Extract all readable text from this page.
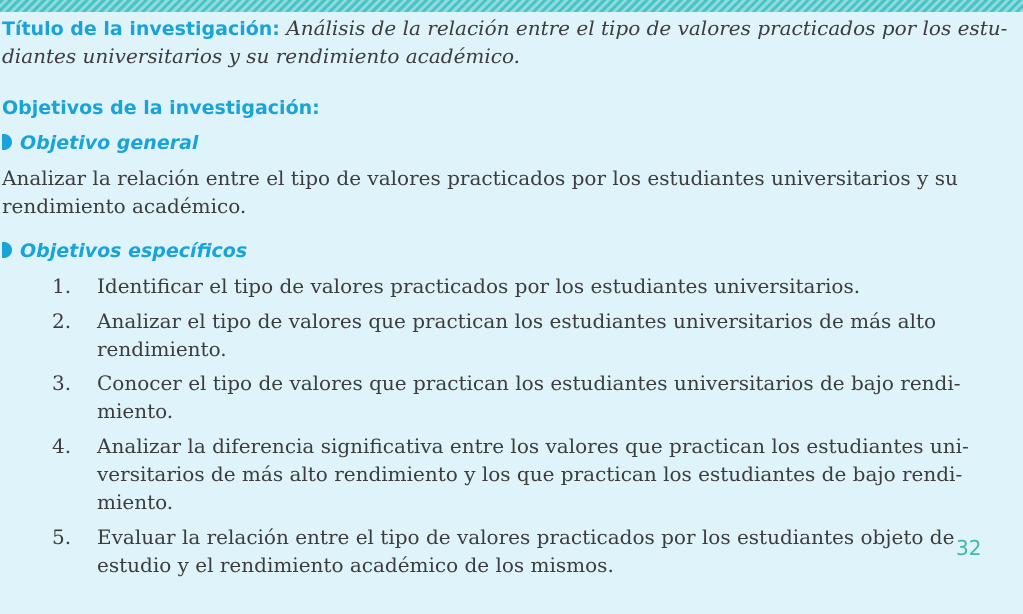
Título de la investigación: Análisis de la relación entre el tipo de valores practicados por los estu-
diantes universitarios y su rendimiento académico.
Objetivos de la investigación:
Objetivo general
Analizar la relación entre el tipo de valores practicados por los estudiantes universitarios y su
rendimiento académico.
Objetivos específicos
1. Identificar el tipo de valores practicados por los estudiantes universitarios.
2. Analizar el tipo de valores que practican los estudiantes universitarios de más alto
rendimiento.
3. Conocer el tipo de valores que practican los estudiantes universitarios de bajo rendi-
miento.
4. Analizar la diferencia significativa entre los valores que practican los estudiantes uni-
versitarios de más alto rendimiento y los que practican los estudiantes de bajo rendi-
miento.
5. Evaluar la relación entre el tipo de valores practicados por los estudiantes objeto de
estudio y el rendimiento académico de los mismos.
32
